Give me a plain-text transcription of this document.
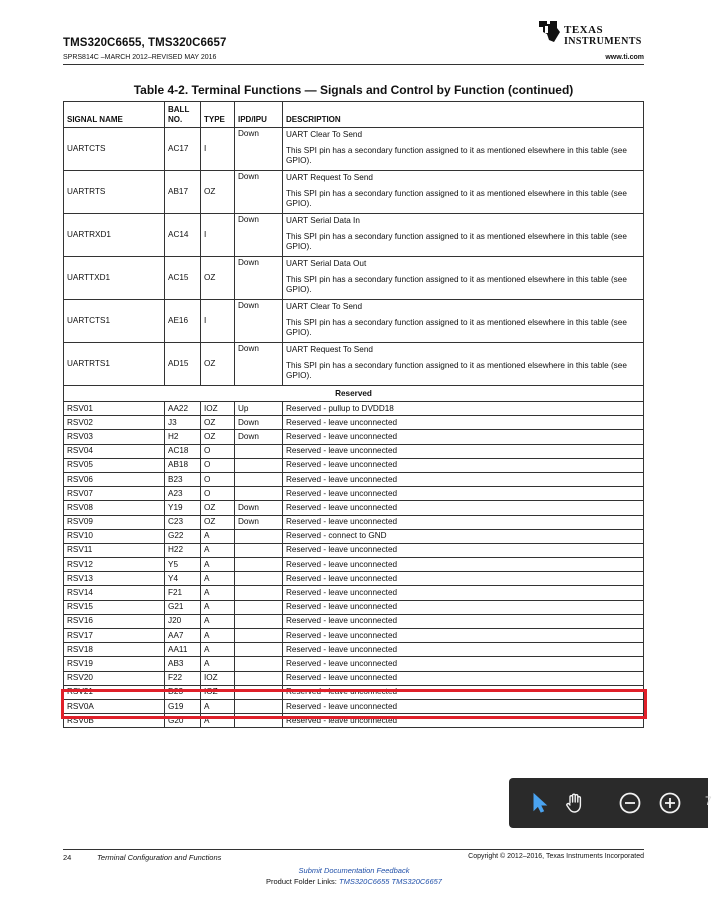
TMS320C6655, TMS320C6657
SPRS814C –MARCH 2012–REVISED MAY 2016	www.ti.com
TEXAS
INSTRUMENTS
Table 4-2. Terminal Functions — Signals and Control by Function (continued)
SIGNAL NAME	BALL NO.	TYPE	IPD/IPU	DESCRIPTION
UARTCTS	AC17	I	Down	UART Clear To Send
				This SPI pin has a secondary function assigned to it as mentioned elsewhere in this table (see GPIO).
UARTRTS	AB17	OZ	Down	UART Request To Send
				This SPI pin has a secondary function assigned to it as mentioned elsewhere in this table (see GPIO).
UARTRXD1	AC14	I	Down	UART Serial Data In
				This SPI pin has a secondary function assigned to it as mentioned elsewhere in this table (see GPIO).
UARTTXD1	AC15	OZ	Down	UART Serial Data Out
				This SPI pin has a secondary function assigned to it as mentioned elsewhere in this table (see GPIO).
UARTCTS1	AE16	I	Down	UART Clear To Send
				This SPI pin has a secondary function assigned to it as mentioned elsewhere in this table (see GPIO).
UARTRTS1	AD15	OZ	Down	UART Request To Send
				This SPI pin has a secondary function assigned to it as mentioned elsewhere in this table (see GPIO).
Reserved				
RSV01	AA22	IOZ	Up	Reserved - pullup to DVDD18
RSV02	J3	OZ	Down	Reserved - leave unconnected
RSV03	H2	OZ	Down	Reserved - leave unconnected
RSV04	AC18	O		Reserved - leave unconnected
RSV05	AB18	O		Reserved - leave unconnected
RSV06	B23	O		Reserved - leave unconnected
RSV07	A23	O		Reserved - leave unconnected
RSV08	Y19	OZ	Down	Reserved - leave unconnected
RSV09	C23	OZ	Down	Reserved - leave unconnected
RSV10	G22	A		Reserved - connect to GND
RSV11	H22	A		Reserved - leave unconnected
RSV12	Y5	A		Reserved - leave unconnected
RSV13	Y4	A		Reserved - leave unconnected
RSV14	F21	A		Reserved - leave unconnected
RSV15	G21	A		Reserved - leave unconnected
RSV16	J20	A		Reserved - leave unconnected
RSV17	AA7	A		Reserved - leave unconnected
RSV18	AA11	A		Reserved - leave unconnected
RSV19	AB3	A		Reserved - leave unconnected
RSV20	F22	IOZ		Reserved - leave unconnected
RSV21	D23	IOZ		Reserved - leave unconnected
RSV0A	G19	A		Reserved - leave unconnected
RSV0B	G20	A		Reserved - leave unconnected
7
24	Terminal Configuration and Functions	Copyright © 2012–2016, Texas Instruments Incorporated
Submit Documentation Feedback
Product Folder Links: TMS320C6655 TMS320C6657
